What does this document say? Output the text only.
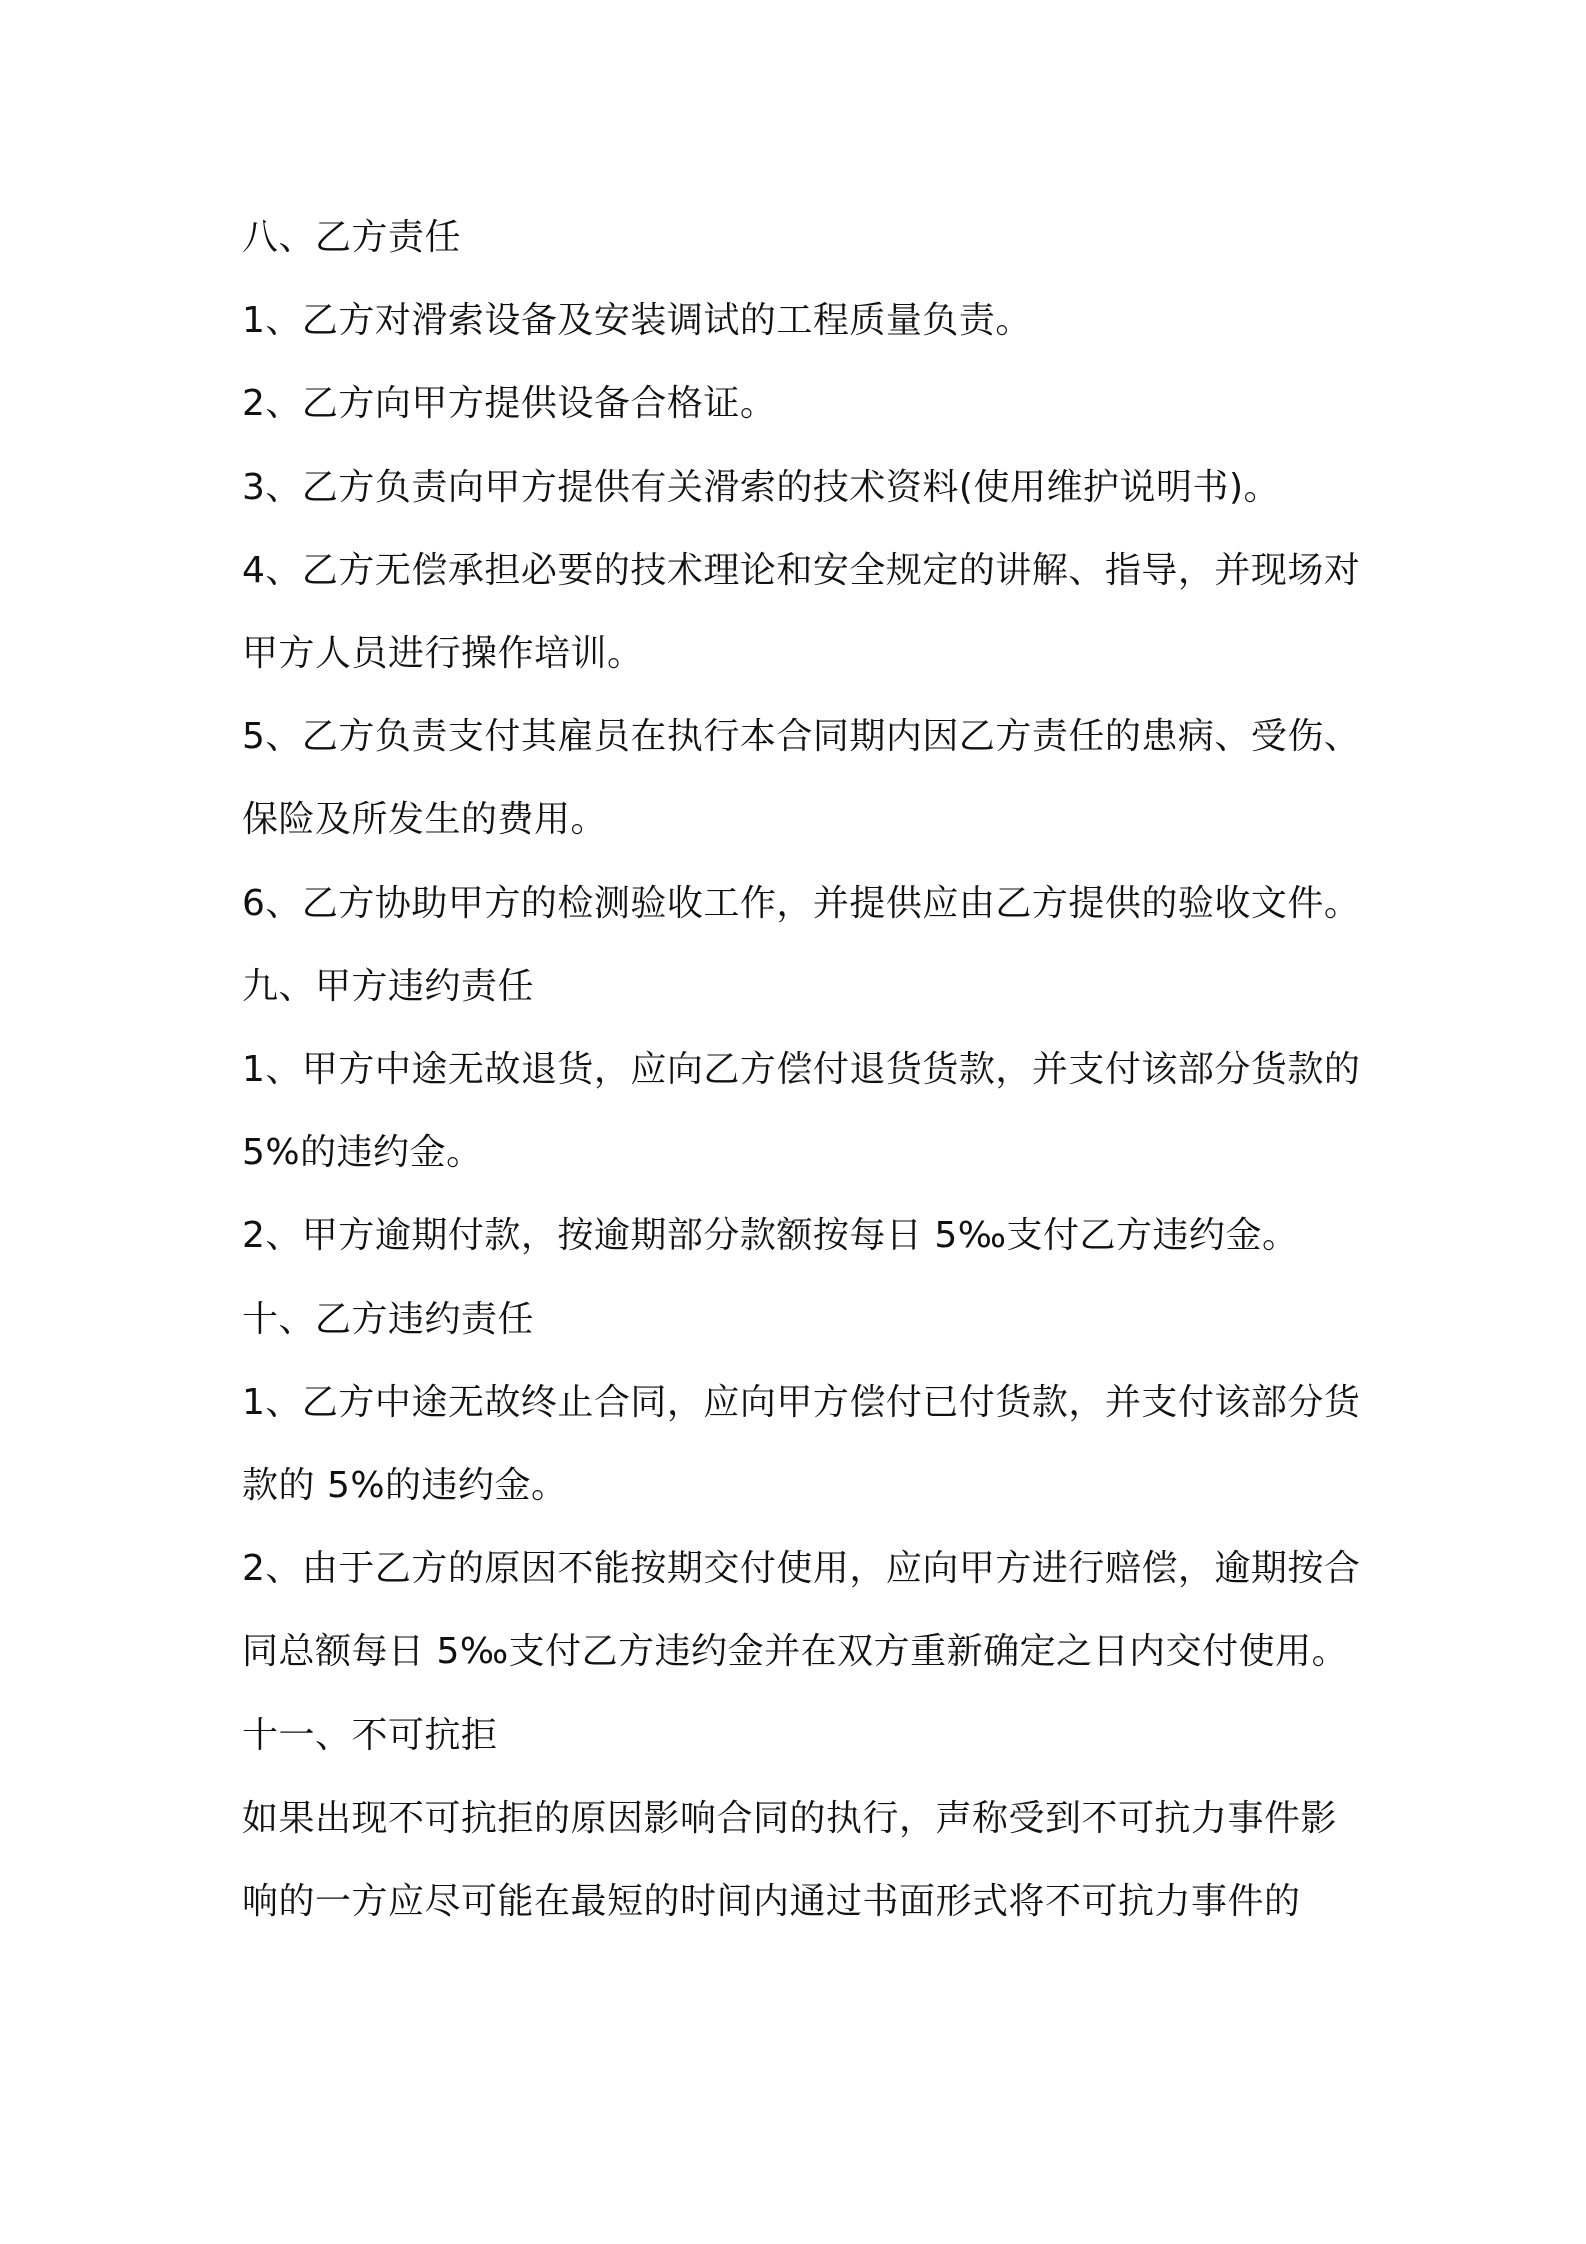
八、乙方责任

1、乙方对滑索设备及安装调试的工程质量负责。

2、乙方向甲方提供设备合格证。

3、乙方负责向甲方提供有关滑索的技术资料(使用维护说明书)。

4、乙方无偿承担必要的技术理论和安全规定的讲解、指导，并现场对甲方人员进行操作培训。

5、乙方负责支付其雇员在执行本合同期内因乙方责任的患病、受伤、保险及所发生的费用。

6、乙方协助甲方的检测验收工作，并提供应由乙方提供的验收文件。

九、甲方违约责任

1、甲方中途无故退货，应向乙方偿付退货货款，并支付该部分货款的 5%的违约金。

2、甲方逾期付款，按逾期部分款额按每日 5‰支付乙方违约金。

十、乙方违约责任

1、乙方中途无故终止合同，应向甲方偿付已付货款，并支付该部分货款的 5%的违约金。

2、由于乙方的原因不能按期交付使用，应向甲方进行赔偿，逾期按合同总额每日 5‰支付乙方违约金并在双方重新确定之日内交付使用。

十一、不可抗拒

如果出现不可抗拒的原因影响合同的执行，声称受到不可抗力事件影响的一方应尽可能在最短的时间内通过书面形式将不可抗力事件的
